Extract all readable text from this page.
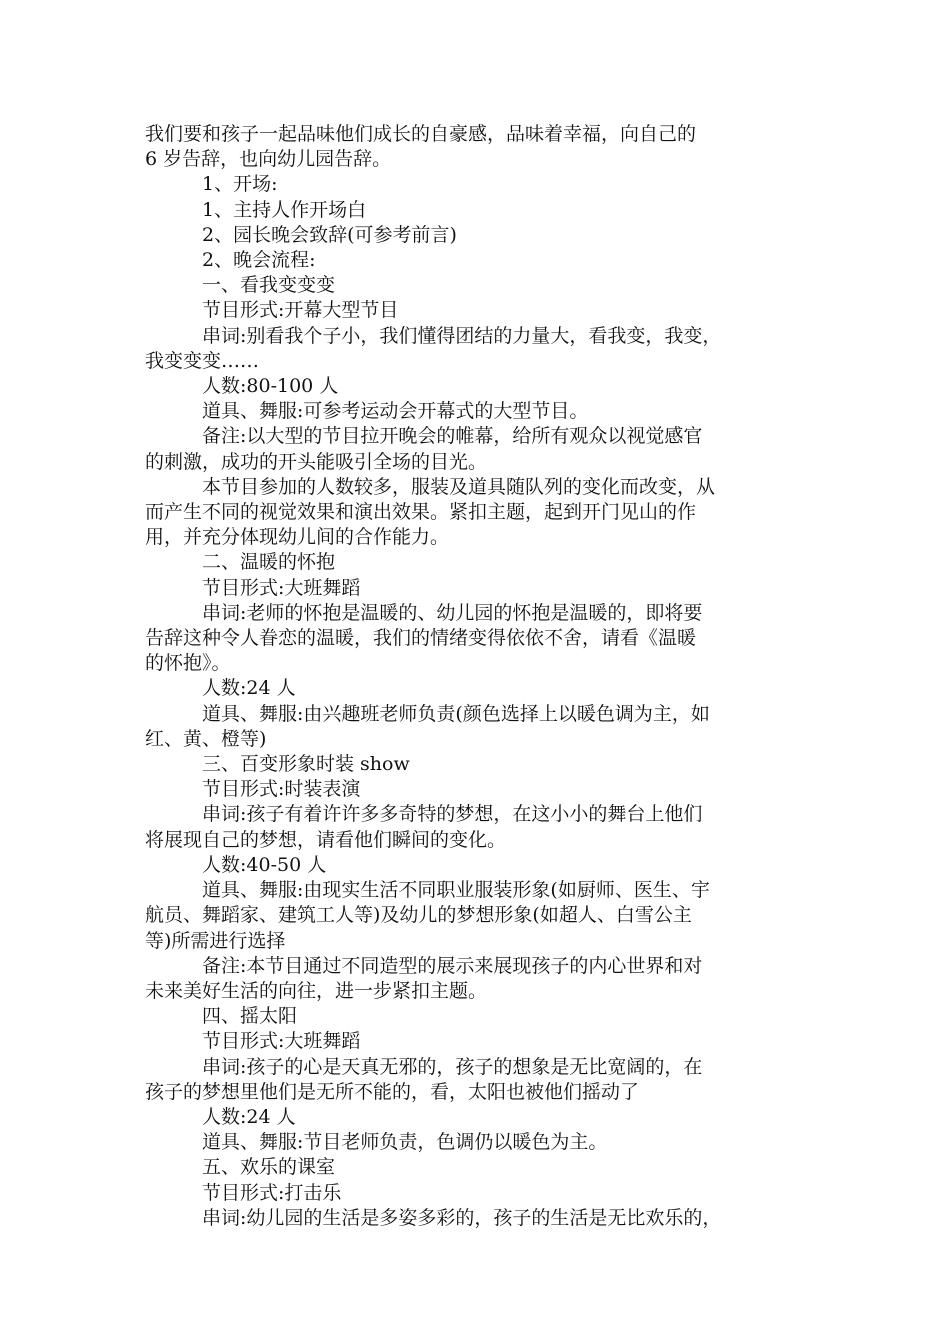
我们要和孩子一起品味他们成长的自豪感，品味着幸福，向自己的
6 岁告辞，也向幼儿园告辞。
1、开场:
1、主持人作开场白
2、园长晚会致辞(可参考前言)
2、晚会流程:
一、看我变变变
节目形式:开幕大型节目
串词:别看我个子小，我们懂得团结的力量大，看我变，我变，
我变变变……
人数:80-100 人
道具、舞服:可参考运动会开幕式的大型节目。
备注:以大型的节目拉开晚会的帷幕，给所有观众以视觉感官
的刺激，成功的开头能吸引全场的目光。
本节目参加的人数较多，服装及道具随队列的变化而改变，从
而产生不同的视觉效果和演出效果。紧扣主题，起到开门见山的作
用，并充分体现幼儿间的合作能力。
二、温暖的怀抱
节目形式:大班舞蹈
串词:老师的怀抱是温暖的、幼儿园的怀抱是温暖的，即将要
告辞这种令人眷恋的温暖，我们的情绪变得依依不舍，请看《温暖
的怀抱》。
人数:24 人
道具、舞服:由兴趣班老师负责(颜色选择上以暖色调为主，如
红、黄、橙等)
三、百变形象时装 show
节目形式:时装表演
串词:孩子有着许许多多奇特的梦想，在这小小的舞台上他们
将展现自己的梦想，请看他们瞬间的变化。
人数:40-50 人
道具、舞服:由现实生活不同职业服装形象(如厨师、医生、宇
航员、舞蹈家、建筑工人等)及幼儿的梦想形象(如超人、白雪公主
等)所需进行选择
备注:本节目通过不同造型的展示来展现孩子的内心世界和对
未来美好生活的向往，进一步紧扣主题。
四、摇太阳
节目形式:大班舞蹈
串词:孩子的心是天真无邪的，孩子的想象是无比宽阔的，在
孩子的梦想里他们是无所不能的，看，太阳也被他们摇动了
人数:24 人
道具、舞服:节目老师负责，色调仍以暖色为主。
五、欢乐的课室
节目形式:打击乐
串词:幼儿园的生活是多姿多彩的，孩子的生活是无比欢乐的，
